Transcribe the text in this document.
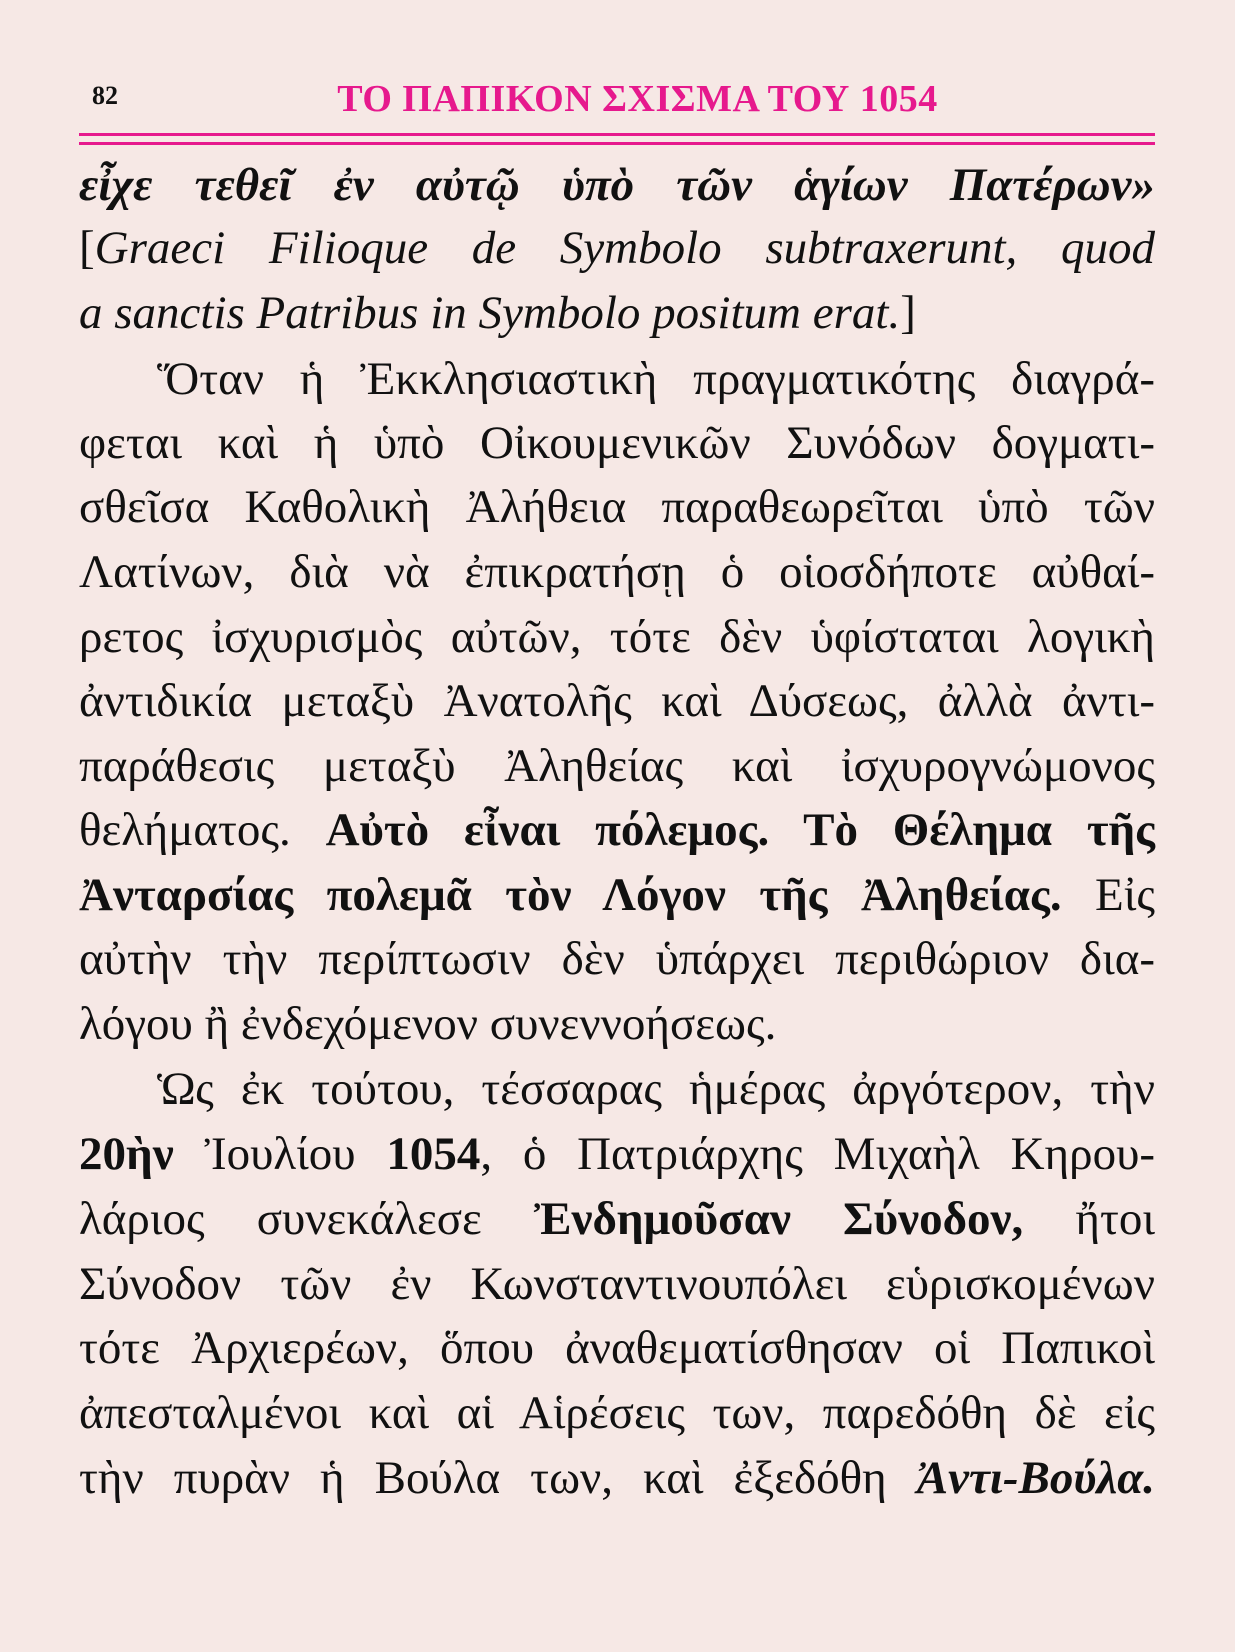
82	ΤΟ ΠΑΠΙΚΟΝ ΣΧΙΣΜΑ ΤΟΥ 1054
εἶχε τεθεῖ ἐν αὐτῷ ὑπὸ τῶν ἁγίων Πατέρων»
[Graeci Filioque de Symbolo subtraxerunt, quod
a sanctis Patribus in Symbolo positum erat.]
Ὅταν ἡ Ἐκκλησιαστικὴ πραγματικότης διαγρά-
φεται καὶ ἡ ὑπὸ Οἰκουμενικῶν Συνόδων δογματι-
σθεῖσα Καθολικὴ Ἀλήθεια παραθεωρεῖται ὑπὸ τῶν
Λατίνων, διὰ νὰ ἐπικρατήσῃ ὁ οἱοσδήποτε αὐθαί-
ρετος ἰσχυρισμὸς αὐτῶν, τότε δὲν ὑφίσταται λογικὴ
ἀντιδικία μεταξὺ Ἀνατολῆς καὶ Δύσεως, ἀλλὰ ἀντι-
παράθεσις μεταξὺ Ἀληθείας καὶ ἰσχυρογνώμονος
θελήματος. Αὐτὸ εἶναι πόλεμος. Τὸ Θέλημα τῆς
Ἀνταρσίας πολεμᾶ τὸν Λόγον τῆς Ἀληθείας. Εἰς
αὐτὴν τὴν περίπτωσιν δὲν ὑπάρχει περιθώριον δια-
λόγου ἢ ἐνδεχόμενον συνεννοήσεως.
Ὡς ἐκ τούτου, τέσσαρας ἡμέρας ἀργότερον, τὴν
20ὴν Ἰουλίου 1054, ὁ Πατριάρχης Μιχαὴλ Κηρου-
λάριος συνεκάλεσε Ἐνδημοῦσαν Σύνοδον, ἤτοι
Σύνοδον τῶν ἐν Κωνσταντινουπόλει εὑρισκομένων
τότε Ἀρχιερέων, ὅπου ἀναθεματίσθησαν οἱ Παπικοὶ
ἀπεσταλμένοι καὶ αἱ Αἱρέσεις των, παρεδόθη δὲ εἰς
τὴν πυρὰν ἡ Βούλα των, καὶ ἐξεδόθη Ἀντι-Βούλα.
